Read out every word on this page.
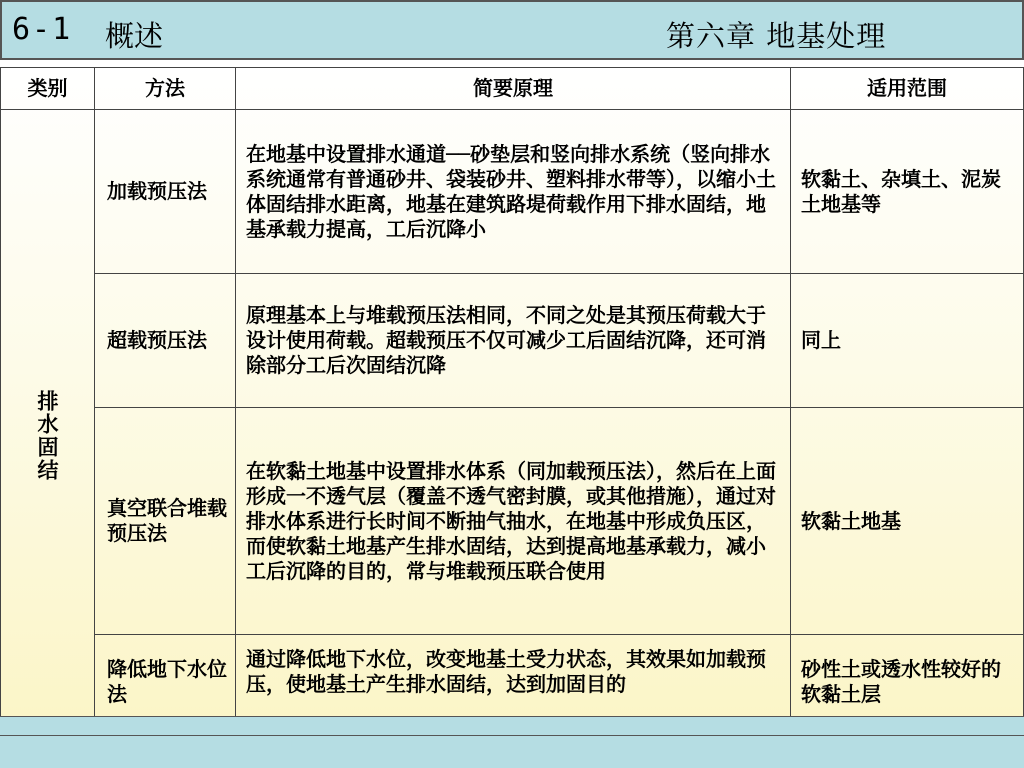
6-1 概述	第六章 地基处理
类别	方法	简要原理	适用范围
排水固结	加载预压法	在地基中设置排水通道──砂垫层和竖向排水系统（竖向排水系统通常有普通砂井、袋装砂井、塑料排水带等），以缩小土体固结排水距离，地基在建筑路堤荷载作用下排水固结，地基承载力提高，工后沉降小	软黏土、杂填土、泥炭土地基等
	超载预压法	原理基本上与堆载预压法相同，不同之处是其预压荷载大于设计使用荷载。超载预压不仅可减少工后固结沉降，还可消除部分工后次固结沉降	同上
	真空联合堆载预压法	在软黏土地基中设置排水体系（同加载预压法），然后在上面形成一不透气层（覆盖不透气密封膜，或其他措施），通过对排水体系进行长时间不断抽气抽水，在地基中形成负压区，而使软黏土地基产生排水固结，达到提高地基承载力，减小工后沉降的目的，常与堆载预压联合使用	软黏土地基
	降低地下水位法	通过降低地下水位，改变地基土受力状态，其效果如加载预压，使地基土产生排水固结，达到加固目的	砂性土或透水性较好的软黏土层
